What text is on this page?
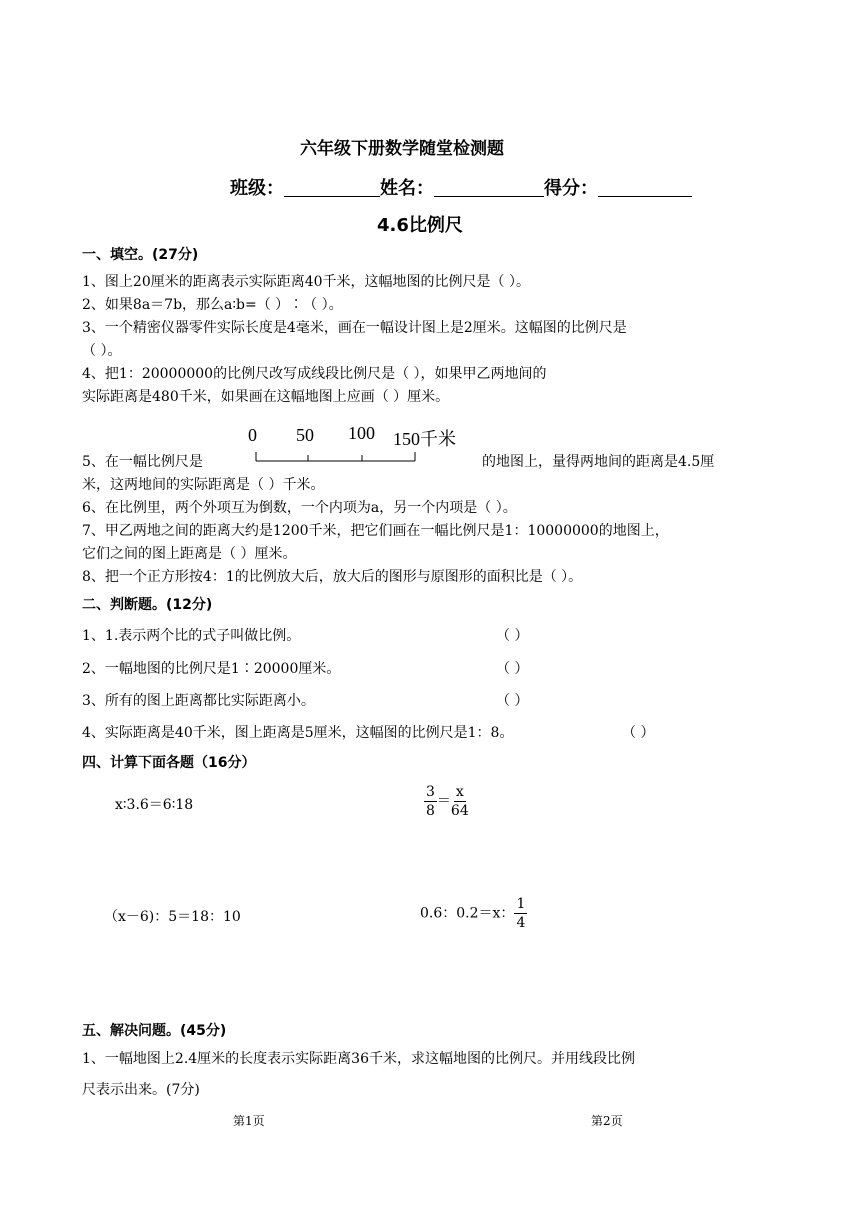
六年级下册数学随堂检测题
班级：	姓名：	得分：
4.6比例尺
一、填空。(27分)
1、图上20厘米的距离表示实际距离40千米，这幅地图的比例尺是（ ）。
2、如果8a＝7b，那么a∶b=（ ）∶（ ）。
3、一个精密仪器零件实际长度是4毫米，画在一幅设计图上是2厘米。这幅图的比例尺是
（ ）。
4、把1：20000000的比例尺改写成线段比例尺是（ ），如果甲乙两地间的
实际距离是480千米，如果画在这幅地图上应画（ ）厘米。
0 50 100 150千米
5、在一幅比例尺是	的地图上，量得两地间的距离是4.5厘
米，这两地间的实际距离是（ ）千米。
6、在比例里，两个外项互为倒数，一个内项为a，另一个内项是（ ）。
7、甲乙两地之间的距离大约是1200千米，把它们画在一幅比例尺是1：10000000的地图上，
它们之间的图上距离是（ ）厘米。
8、把一个正方形按4：1的比例放大后，放大后的图形与原图形的面积比是（ ）。
二、判断题。(12分)
1、1.表示两个比的式子叫做比例。	（ ）
2、一幅地图的比例尺是1∶20000厘米。	（ ）
3、所有的图上距离都比实际距离小。	（ ）
4、实际距离是40千米，图上距离是5厘米，这幅图的比例尺是1：8。	（ ）
四、计算下面各题（16分）
x∶3.6＝6∶18	$\frac{3}{8} = \frac{x}{64}$
（x－6)：5＝18：10	0.6：0.2＝x： $\frac{1}{4}$
五、解决问题。(45分)
1、一幅地图上2.4厘米的长度表示实际距离36千米，求这幅地图的比例尺。并用线段比例
尺表示出来。(7分)
第1页	第2页
